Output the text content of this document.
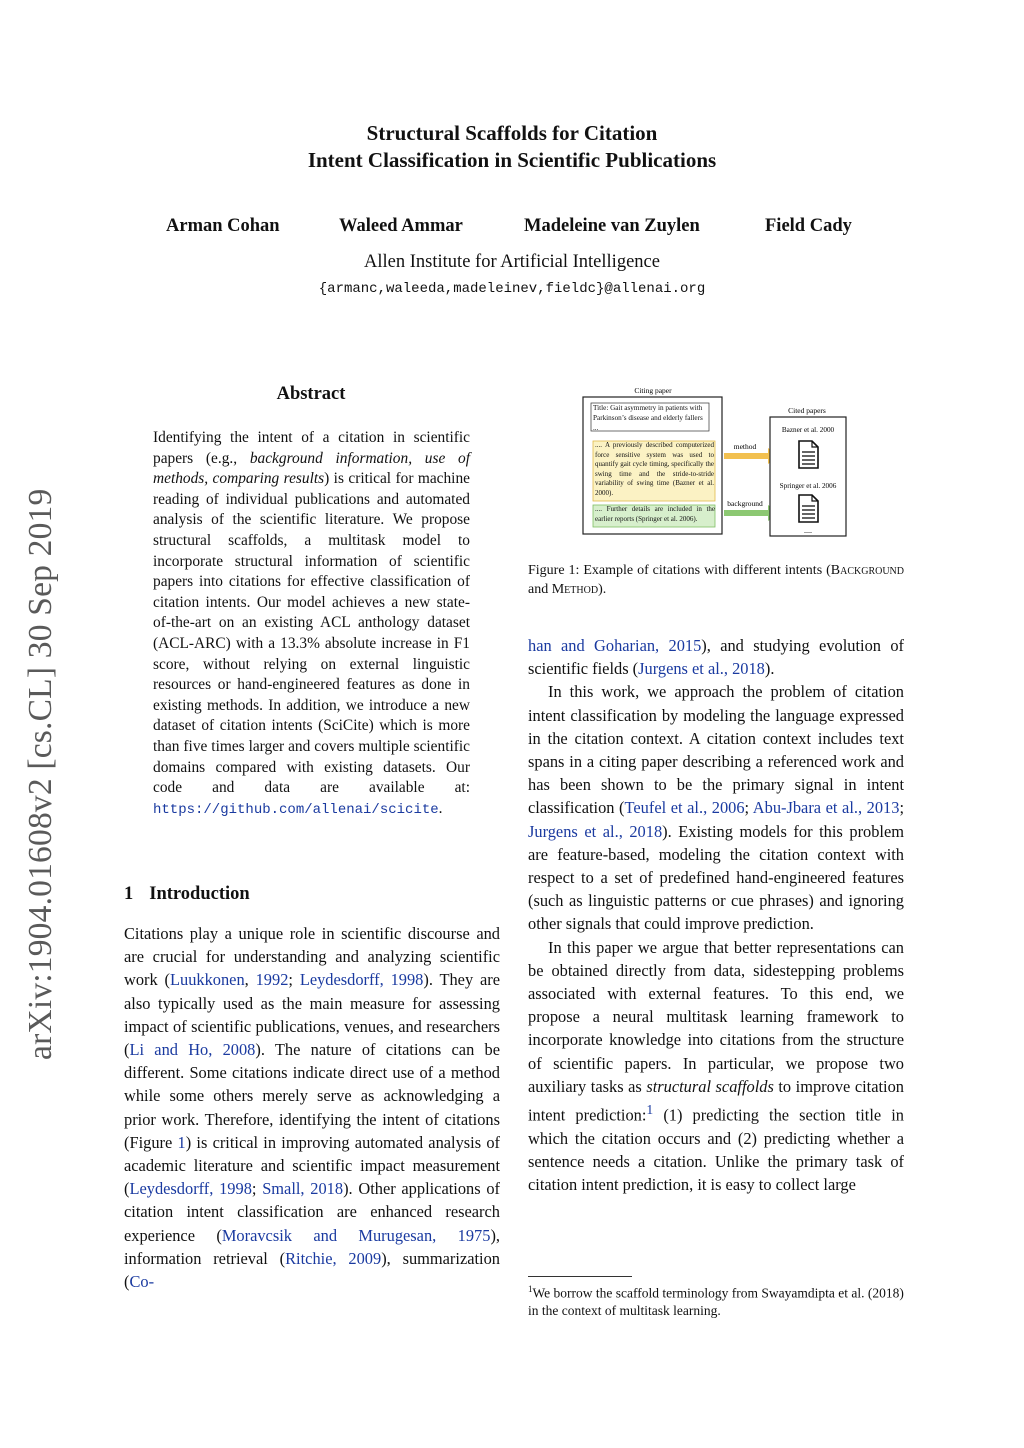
Structural Scaffolds for Citation
Intent Classification in Scientific Publications
Arman Cohan	Waleed Ammar	Madeleine van Zuylen	Field Cady
Allen Institute for Artificial Intelligence
{armanc,waleeda,madeleinev,fieldc}@allenai.org
arXiv:1904.01608v2 [cs.CL] 30 Sep 2019
Abstract
Identifying the intent of a citation in scientific papers (e.g., background information, use of methods, comparing results) is critical for machine reading of individual publications and automated analysis of the scientific literature. We propose structural scaffolds, a multitask model to incorporate structural information of scientific papers into citations for effective classification of citation intents. Our model achieves a new state-of-the-art on an existing ACL anthology dataset (ACL-ARC) with a 13.3% absolute increase in F1 score, without relying on external linguistic resources or hand-engineered features as done in existing methods. In addition, we introduce a new dataset of citation intents (SciCite) which is more than five times larger and covers multiple scientific domains compared with existing datasets. Our code and data are available at: https://github.com/allenai/scicite.
1 Introduction

Citations play a unique role in scientific discourse and are crucial for understanding and analyzing scientific work (Luukkonen, 1992; Leydesdorff, 1998). They are also typically used as the main measure for assessing impact of scientific publications, venues, and researchers (Li and Ho, 2008). The nature of citations can be different. Some citations indicate direct use of a method while some others merely serve as acknowledging a prior work. Therefore, identifying the intent of citations (Figure 1) is critical in improving automated analysis of academic literature and scientific impact measurement (Leydesdorff, 1998; Small, 2018). Other applications of citation intent classification are enhanced research experience (Moravcsik and Murugesan, 1975), information retrieval (Ritchie, 2009), summarization (Co-

Citing paper
Title: Gait asymmetry in patients with Parkinson’s disease and elderly fallers ...
.... A previously described computerized force sensitive system was used to quantify gait cycle timing, specifically the swing time and the stride-to-stride variability of swing time (Bazner et al. 2000).
.... Further details are included in the earlier reports (Springer et al. 2006).
method
background
Cited papers
Bazner et al. 2000
Springer et al. 2006
....
Figure 1: Example of citations with different intents (Background and Method).

han and Goharian, 2015), and studying evolution of scientific fields (Jurgens et al., 2018).

In this work, we approach the problem of citation intent classification by modeling the language expressed in the citation context. A citation context includes text spans in a citing paper describing a referenced work and has been shown to be the primary signal in intent classification (Teufel et al., 2006; Abu-Jbara et al., 2013; Jurgens et al., 2018). Existing models for this problem are feature-based, modeling the citation context with respect to a set of predefined hand-engineered features (such as linguistic patterns or cue phrases) and ignoring other signals that could improve prediction.

In this paper we argue that better representations can be obtained directly from data, sidestepping problems associated with external features. To this end, we propose a neural multitask learning framework to incorporate knowledge into citations from the structure of scientific papers. In particular, we propose two auxiliary tasks as structural scaffolds to improve citation intent prediction:$^1$ (1) predicting the section title in which the citation occurs and (2) predicting whether a sentence needs a citation. Unlike the primary task of citation intent prediction, it is easy to collect large

$^1$We borrow the scaffold terminology from Swayamdipta et al. (2018) in the context of multitask learning.
